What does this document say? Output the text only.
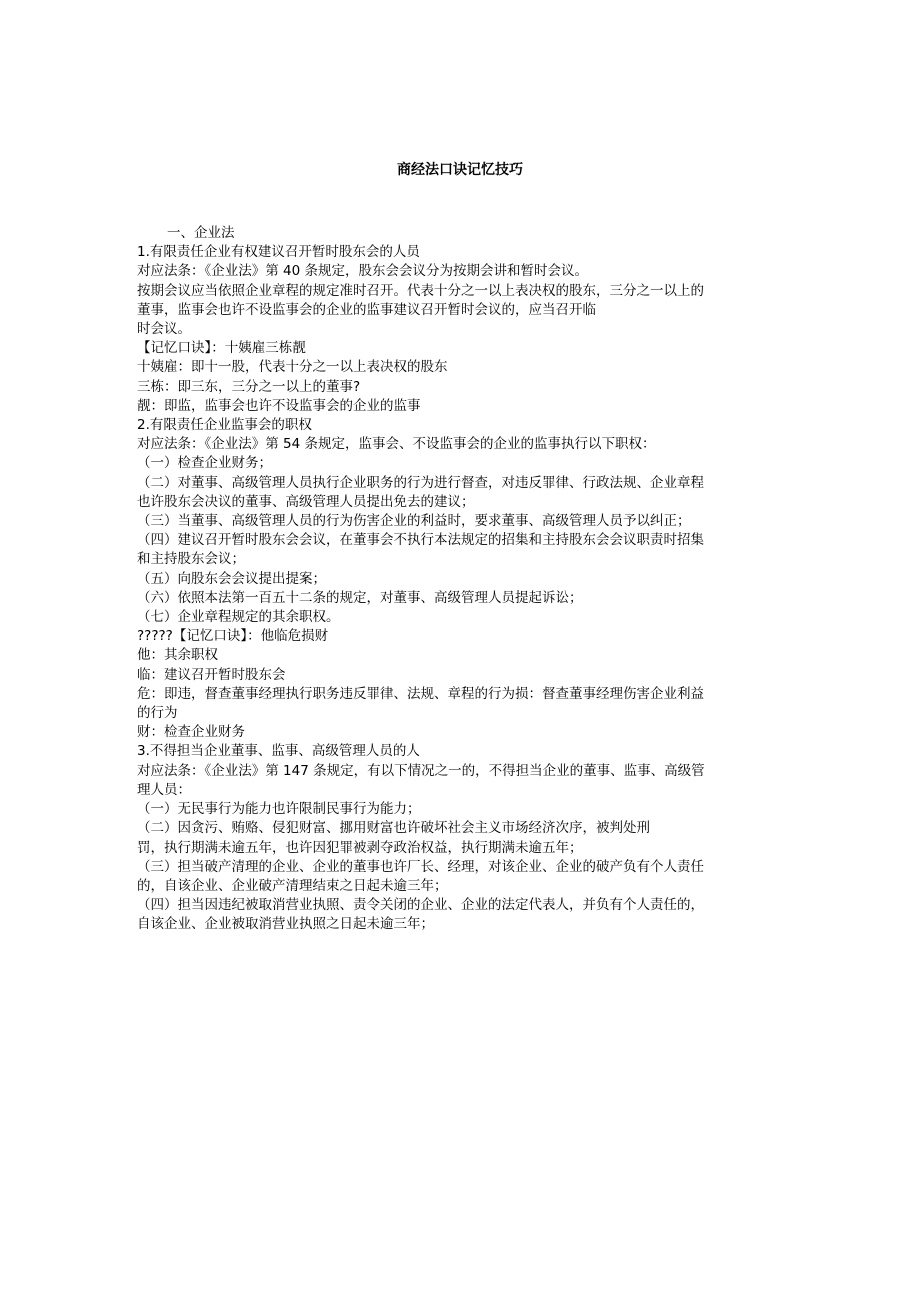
商经法口诀记忆技巧
一、企业法
1.有限责任企业有权建议召开暂时股东会的人员
对应法条：《企业法》第 40 条规定，股东会会议分为按期会讲和暂时会议。
按期会议应当依照企业章程的规定准时召开。代表十分之一以上表决权的股东，三分之一以上的董事，监事会也许不设监事会的企业的监事建议召开暂时会议的，应当召开临
时会议。
【记忆口诀】：十姨雇三栋靓
十姨雇：即十一股，代表十分之一以上表决权的股东
三栋：即三东，三分之一以上的董事?
靓：即监，监事会也许不设监事会的企业的监事
2.有限责任企业监事会的职权
对应法条：《企业法》第 54 条规定，监事会、不设监事会的企业的监事执行以下职权：
（一）检查企业财务；
（二）对董事、高级管理人员执行企业职务的行为进行督查，对违反罪律、行政法规、企业章程也许股东会决议的董事、高级管理人员提出免去的建议；
（三）当董事、高级管理人员的行为伤害企业的利益时，要求董事、高级管理人员予以纠正；
（四）建议召开暂时股东会会议，在董事会不执行本法规定的招集和主持股东会会议职责时招集和主持股东会议；
（五）向股东会会议提出提案；
（六）依照本法第一百五十二条的规定，对董事、高级管理人员提起诉讼；
（七）企业章程规定的其余职权。
?????【记忆口诀】：他临危损财
他：其余职权
临：建议召开暂时股东会
危：即违，督查董事经理执行职务违反罪律、法规、章程的行为损：督查董事经理伤害企业利益的行为
财：检查企业财务
3.不得担当企业董事、监事、高级管理人员的人
对应法条：《企业法》第 147 条规定，有以下情况之一的，不得担当企业的董事、监事、高级管理人员：
（一）无民事行为能力也许限制民事行为能力；
（二）因贪污、贿赂、侵犯财富、挪用财富也许破坏社会主义市场经济次序，被判处刑
罚，执行期满未逾五年，也许因犯罪被剥夺政治权益，执行期满未逾五年；
（三）担当破产清理的企业、企业的董事也许厂长、经理，对该企业、企业的破产负有个人责任的，自该企业、企业破产清理结束之日起未逾三年；
（四）担当因违纪被取消营业执照、责令关闭的企业、企业的法定代表人，并负有个人责任的，自该企业、企业被取消营业执照之日起未逾三年；
